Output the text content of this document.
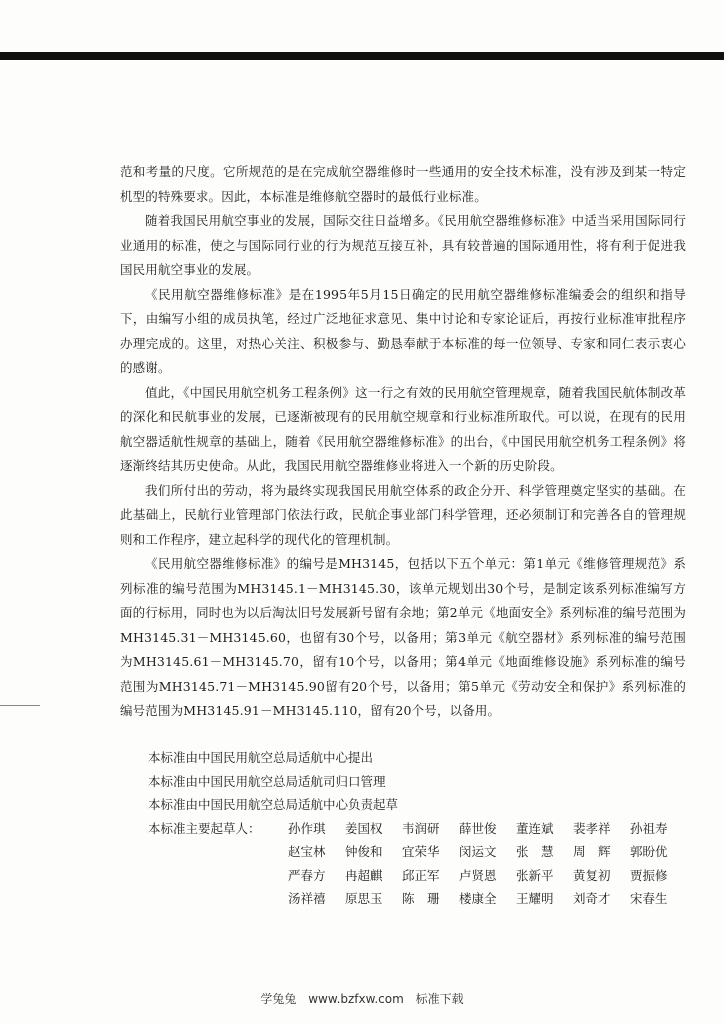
范和考量的尺度。它所规范的是在完成航空器维修时一些通用的安全技术标准，没有涉及到某一特定机型的特殊要求。因此，本标准是维修航空器时的最低行业标准。

随着我国民用航空事业的发展，国际交往日益增多。《民用航空器维修标准》中适当采用国际同行业通用的标准，使之与国际同行业的行为规范互接互补，具有较普遍的国际通用性，将有利于促进我国民用航空事业的发展。

《民用航空器维修标准》是在1995年5月15日确定的民用航空器维修标准编委会的组织和指导下，由编写小组的成员执笔，经过广泛地征求意见、集中讨论和专家论证后，再按行业标准审批程序办理完成的。这里，对热心关注、积极参与、勤恳奉献于本标准的每一位领导、专家和同仁表示衷心的感谢。

值此，《中国民用航空机务工程条例》这一行之有效的民用航空管理规章，随着我国民航体制改革的深化和民航事业的发展，已逐渐被现有的民用航空规章和行业标准所取代。可以说，在现有的民用航空器适航性规章的基础上，随着《民用航空器维修标准》的出台，《中国民用航空机务工程条例》将逐渐终结其历史使命。从此，我国民用航空器维修业将进入一个新的历史阶段。

我们所付出的劳动，将为最终实现我国民用航空体系的政企分开、科学管理奠定坚实的基础。在此基础上，民航行业管理部门依法行政，民航企事业部门科学管理，还必须制订和完善各自的管理规则和工作程序，建立起科学的现代化的管理机制。

《民用航空器维修标准》的编号是MH3145，包括以下五个单元：第1单元《维修管理规范》系列标准的编号范围为MH3145.1－MH3145.30，该单元规划出30个号，是制定该系列标准编写方面的行标用，同时也为以后淘汰旧号发展新号留有余地；第2单元《地面安全》系列标准的编号范围为MH3145.31－MH3145.60，也留有30个号，以备用；第3单元《航空器材》系列标准的编号范围为MH3145.61－MH3145.70，留有10个号，以备用；第4单元《地面维修设施》系列标准的编号范围为MH3145.71－MH3145.90留有20个号，以备用；第5单元《劳动安全和保护》系列标准的编号范围为MH3145.91－MH3145.110，留有20个号，以备用。

本标准由中国民用航空总局适航中心提出
本标准由中国民用航空总局适航司归口管理
本标准由中国民用航空总局适航中心负责起草
本标准主要起草人：	孙作琪	姜国权	韦润研	薛世俊	董连斌	裴孝祥	孙祖寿
赵宝林	钟俊和	宜荣华	闵运文	张　慧	周　辉	郭盼优
严春方	冉超麒	邱正军	卢贤恩	张新平	黄复初	贾振修
汤祥禧	原思玉	陈　珊	楼康全	王耀明	刘奇才	宋春生
学兔兔 www.bzfxw.com 标准下载
